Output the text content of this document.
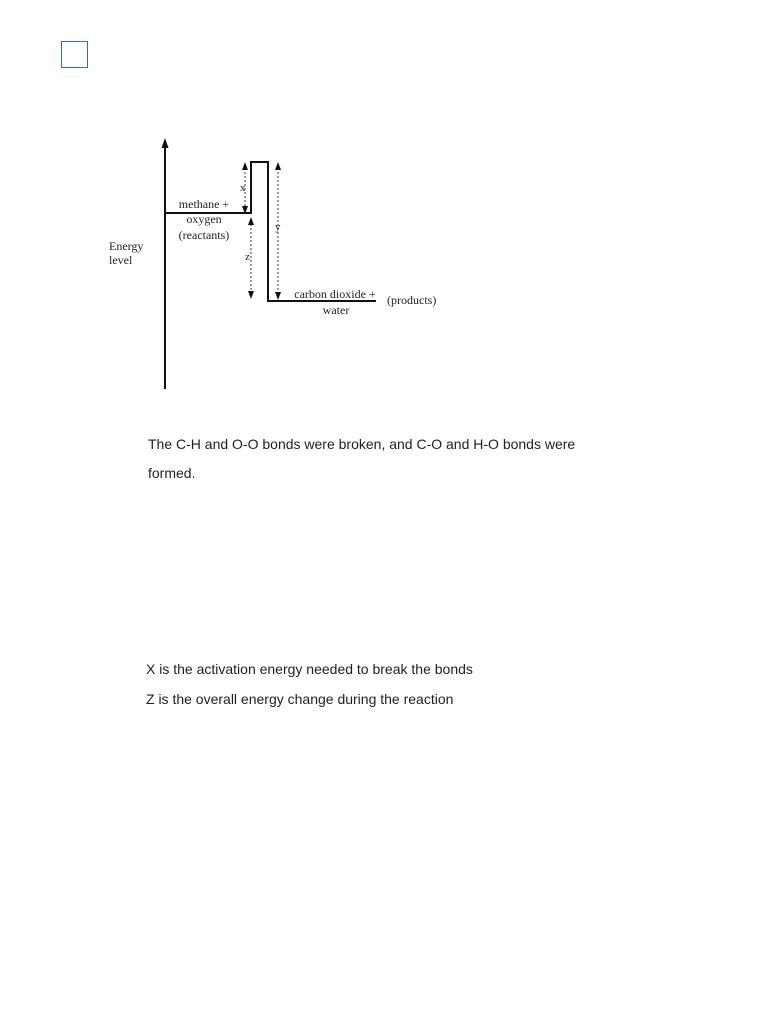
Energy
level
methane +
oxygen
(reactants)
x
y
z
carbon dioxide +
water
(products)

The C-H and O-O bonds were broken, and C-O and H-O bonds were formed.

X is the activation energy needed to break the bonds
Z is the overall energy change during the reaction
